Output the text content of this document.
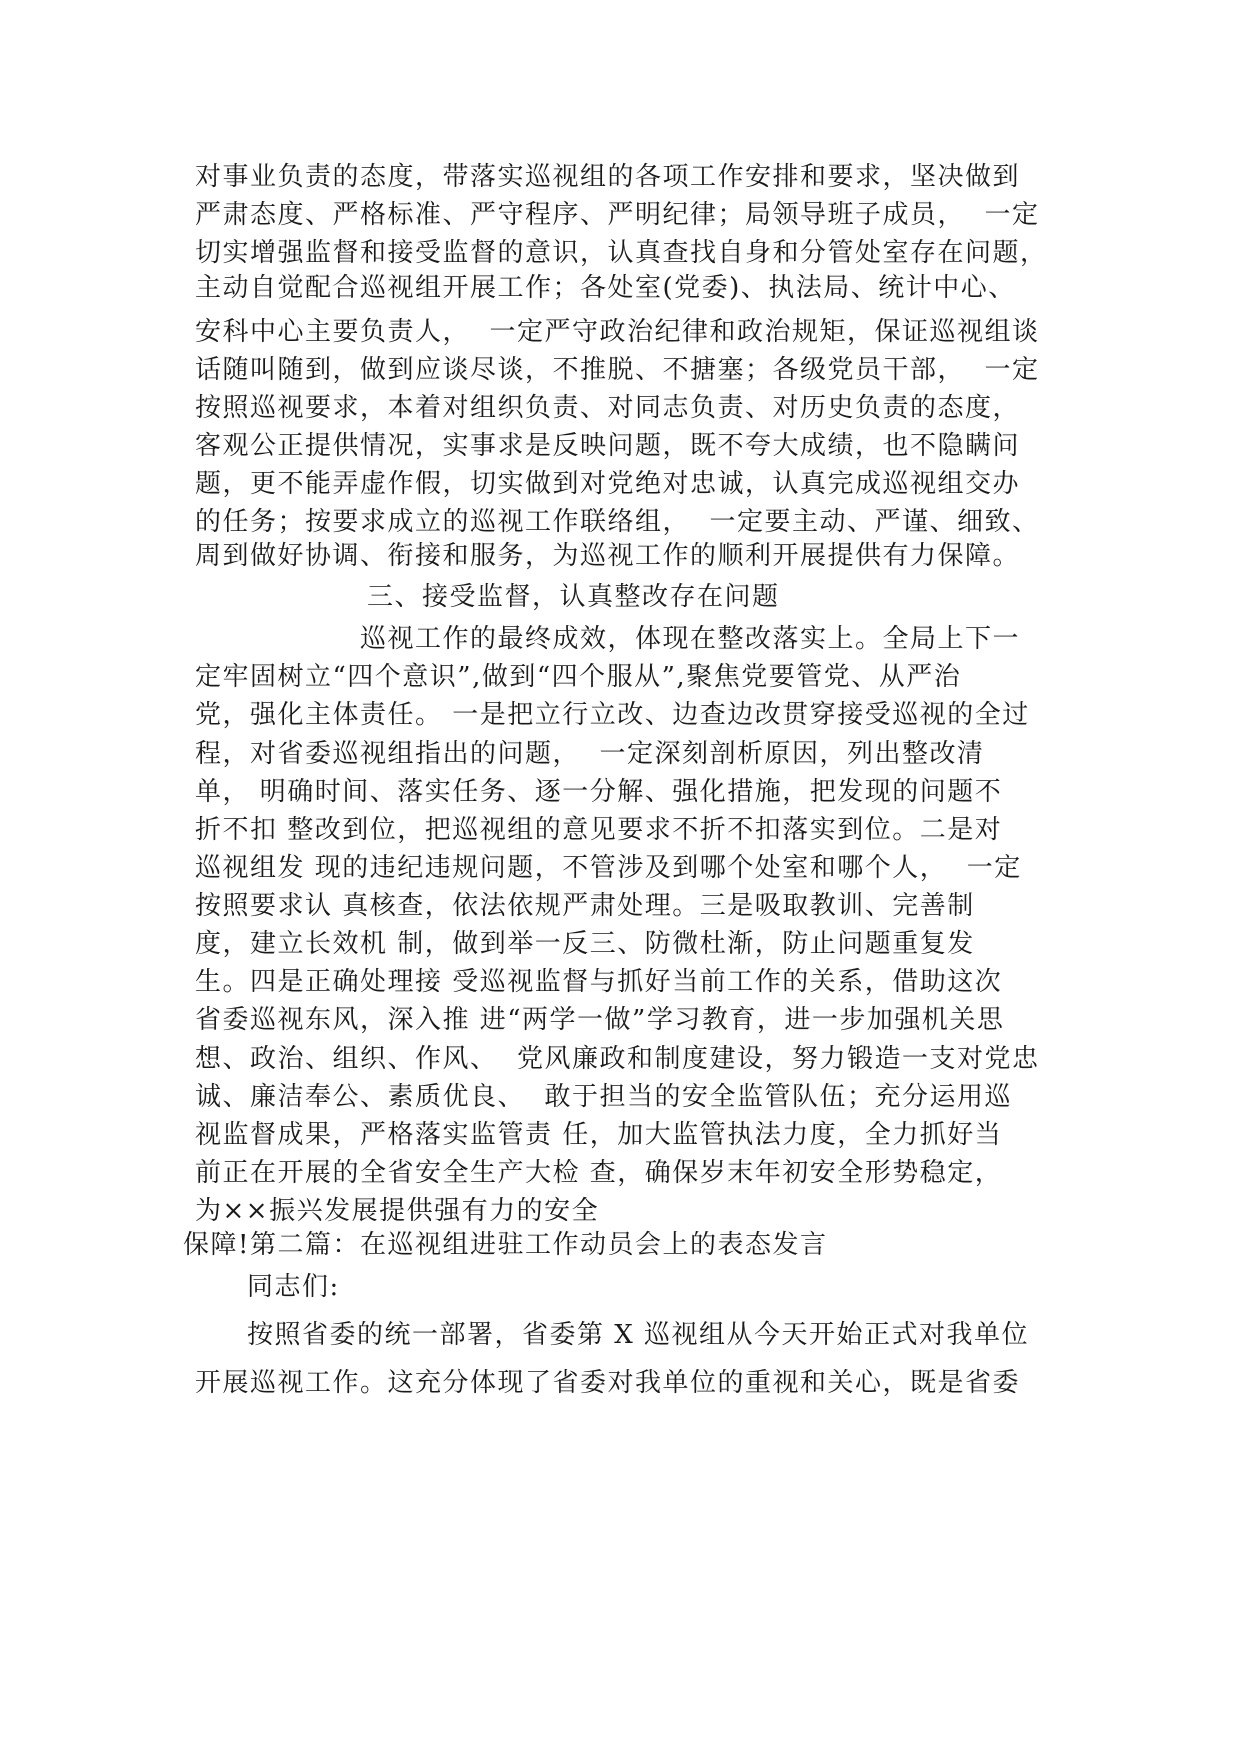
对事业负责的态度，带落实巡视组的各项工作安排和要求，坚决做到
严肃态度、严格标准、严守程序、严明纪律；局领导班子成员，  一定
切实增强监督和接受监督的意识，认真查找自身和分管处室存在问题，
主动自觉配合巡视组开展工作；各处室(党委)、执法局、统计中心、
安科中心主要负责人，  一定严守政治纪律和政治规矩，保证巡视组谈
话随叫随到，做到应谈尽谈，不推脱、不搪塞；各级党员干部，  一定
按照巡视要求，本着对组织负责、对同志负责、对历史负责的态度，
客观公正提供情况，实事求是反映问题，既不夸大成绩，也不隐瞒问
题，更不能弄虚作假，切实做到对党绝对忠诚，认真完成巡视组交办
的任务；按要求成立的巡视工作联络组，  一定要主动、严谨、细致、
周到做好协调、衔接和服务，为巡视工作的顺利开展提供有力保障。
三、接受监督，认真整改存在问题
巡视工作的最终成效，体现在整改落实上。全局上下一
定牢固树立“四个意识”,做到“四个服从”,聚焦党要管党、从严治
党，强化主体责任。 一是把立行立改、边查边改贯穿接受巡视的全过
程，对省委巡视组指出的问题，  一定深刻剖析原因，列出整改清
单， 明确时间、落实任务、逐一分解、强化措施，把发现的问题不
折不扣 整改到位，把巡视组的意见要求不折不扣落实到位。二是对
巡视组发 现的违纪违规问题，不管涉及到哪个处室和哪个人，  一定
按照要求认 真核查，依法依规严肃处理。三是吸取教训、完善制
度，建立长效机 制，做到举一反三、防微杜渐，防止问题重复发
生。四是正确处理接 受巡视监督与抓好当前工作的关系，借助这次
省委巡视东风，深入推 进“两学一做”学习教育，进一步加强机关思
想、政治、组织、作风、  党风廉政和制度建设，努力锻造一支对党忠
诚、廉洁奉公、素质优良、  敢于担当的安全监管队伍；充分运用巡
视监督成果，严格落实监管责 任，加大监管执法力度，全力抓好当
前正在开展的全省安全生产大检 查，确保岁末年初安全形势稳定，
为××振兴发展提供强有力的安全
保障!第二篇：在巡视组进驻工作动员会上的表态发言
同志们:
按照省委的统一部署，省委第 X 巡视组从今天开始正式对我单位
开展巡视工作。这充分体现了省委对我单位的重视和关心，既是省委
